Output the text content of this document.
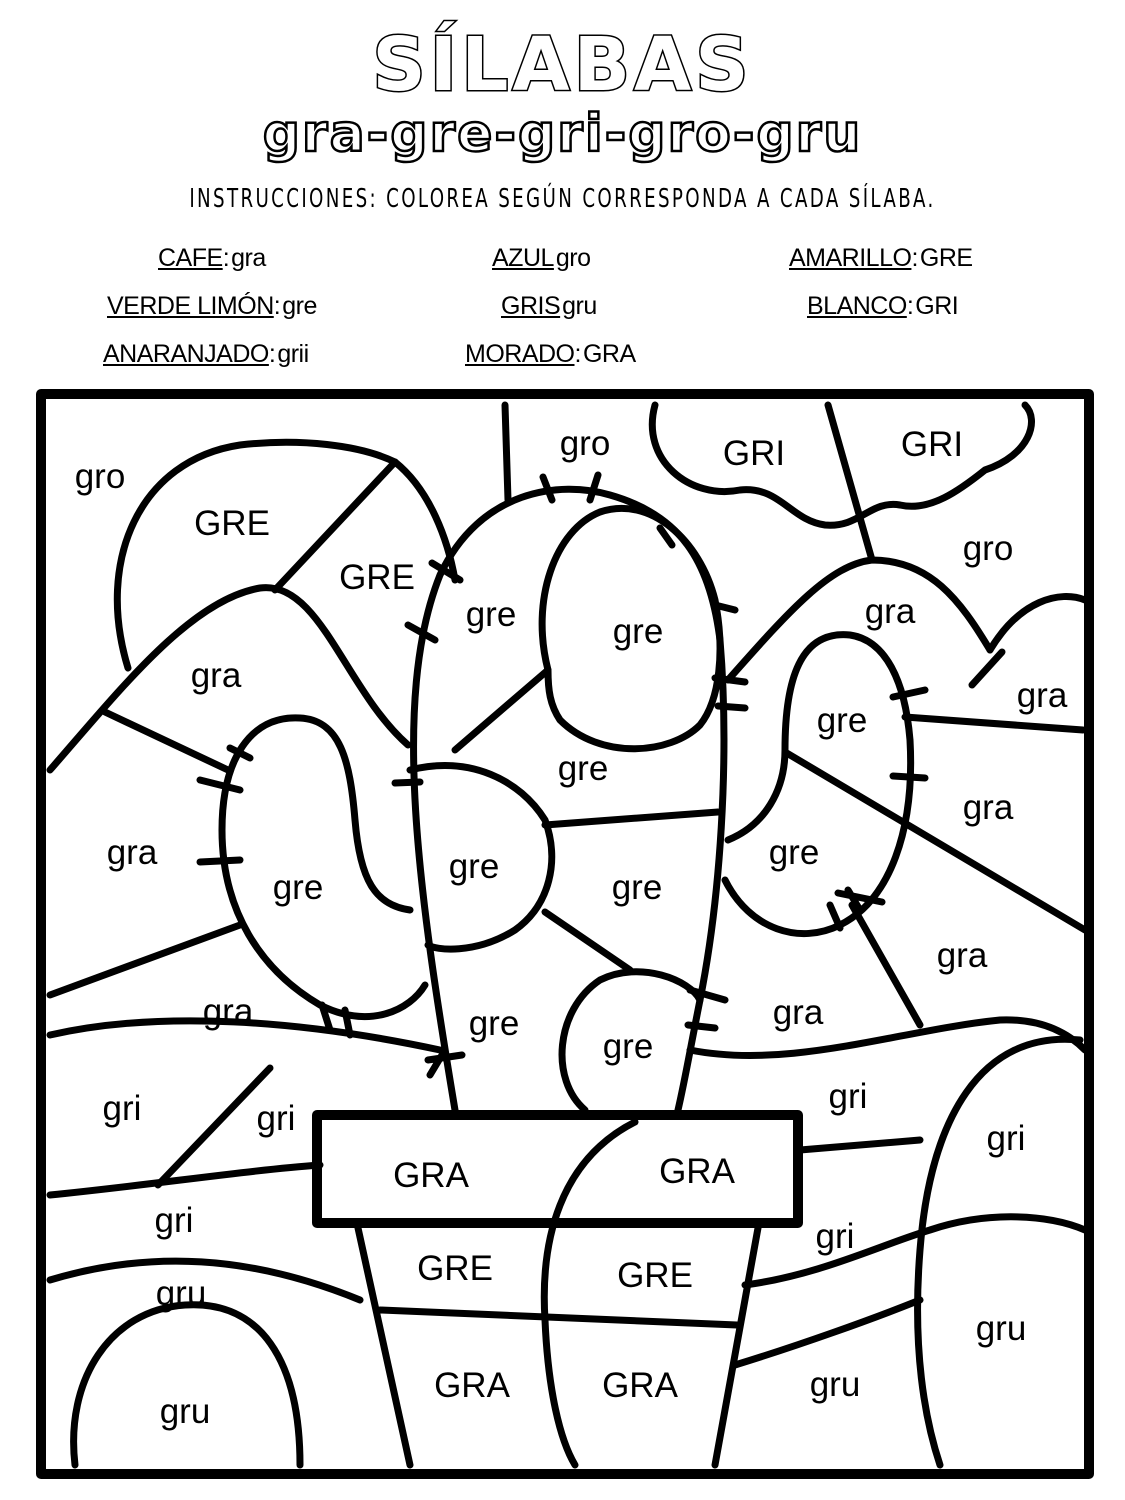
SÍLABAS
gra-gre-gri-gro-gru
INSTRUCCIONES: COLOREA SEGÚN CORRESPONDA A CADA SÍLABA.
CAFE:gra	AZULgro	AMARILLO:GRE
VERDE LIMÓN:gre	GRISgru	BLANCO:GRI
ANARANJADO:grii	MORADO:GRA
gro
GRE
GRE
gro	GRI	GRI
gro
gre	gre
gra
gra
gre
gra
gre
gra
gre
gre
gre
gre
gra
gra
gre
gre
gra
gra
gri	gri
gri
gri
GRA	GRA
gri	gri
GRE	GRE
gru
gru
GRA	GRA	gru
gru
